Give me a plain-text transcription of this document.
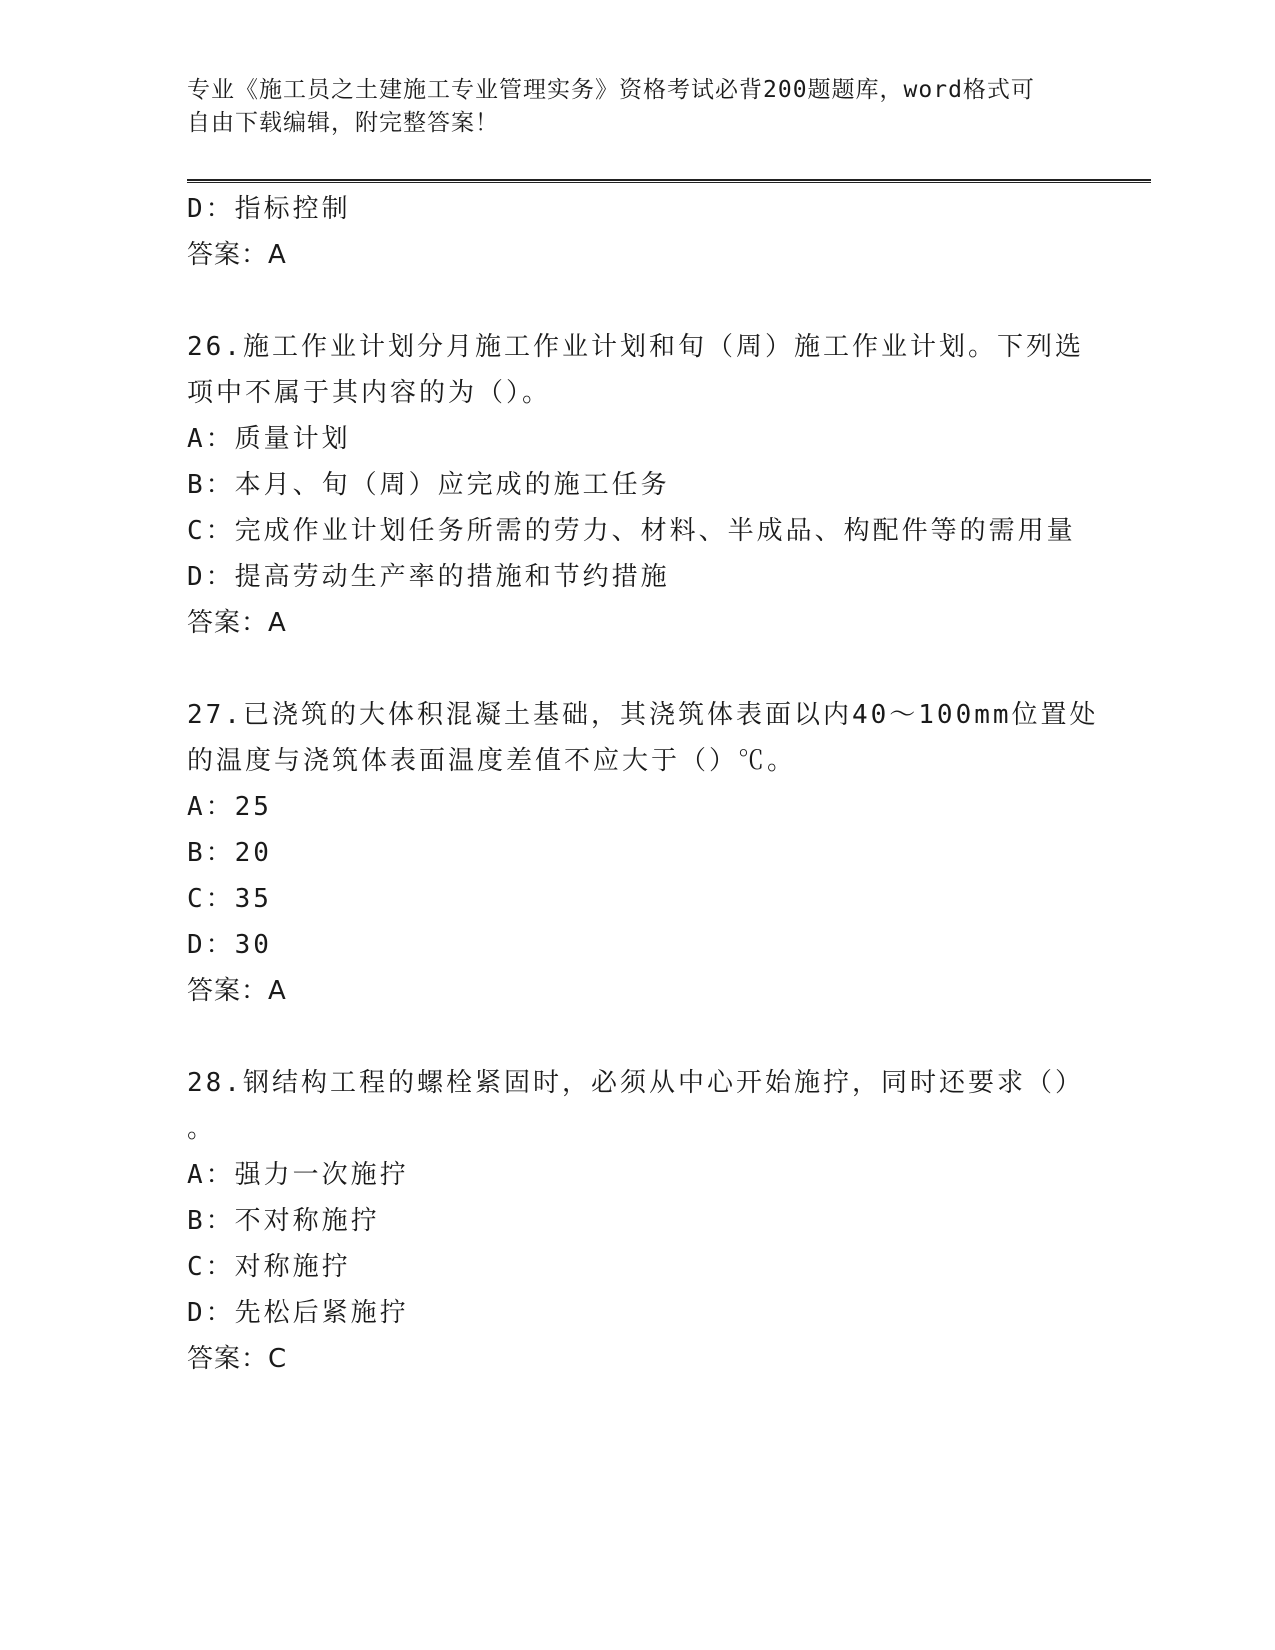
专业《施工员之土建施工专业管理实务》资格考试必背200题题库，word格式可
自由下载编辑，附完整答案！
D：指标控制
答案：A
26.施工作业计划分月施工作业计划和旬（周）施工作业计划。下列选
项中不属于其内容的为（）。
A：质量计划
B：本月、旬（周）应完成的施工任务
C：完成作业计划任务所需的劳力、材料、半成品、构配件等的需用量
D：提高劳动生产率的措施和节约措施
答案：A
27.已浇筑的大体积混凝土基础，其浇筑体表面以内40～100mm位置处
的温度与浇筑体表面温度差值不应大于（）℃。
A：25
B：20
C：35
D：30
答案：A
28.钢结构工程的螺栓紧固时，必须从中心开始施拧，同时还要求（）
。
A：强力一次施拧
B：不对称施拧
C：对称施拧
D：先松后紧施拧
答案：C
